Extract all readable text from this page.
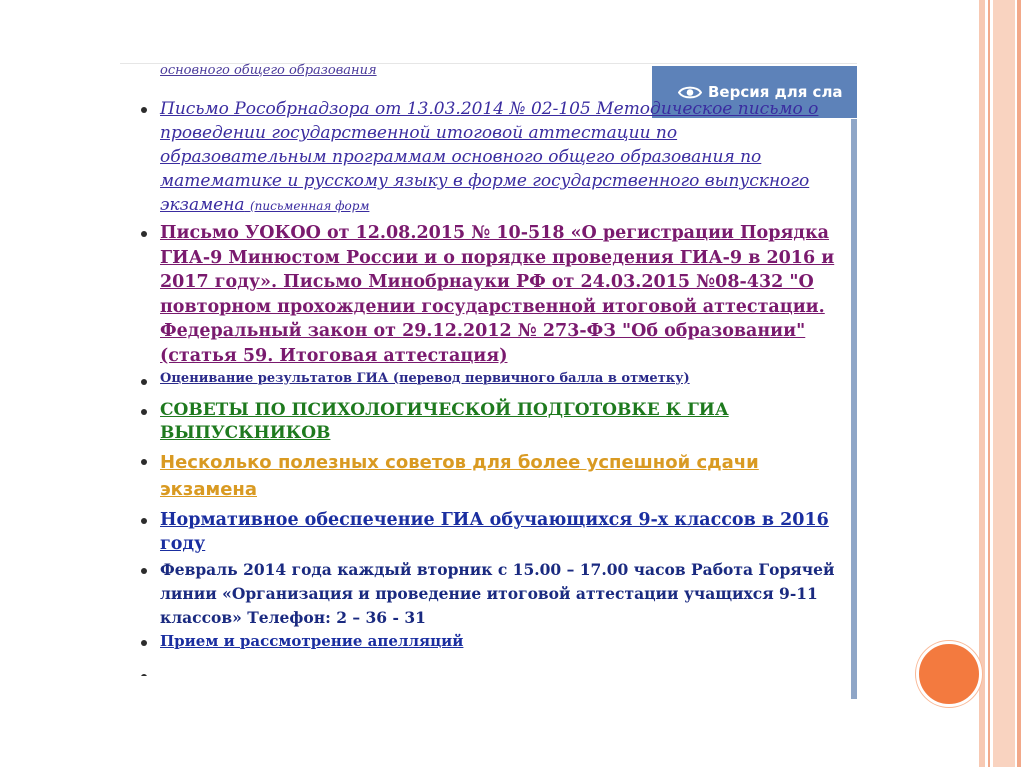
основного общего образования
Версия для сла
Письмо Рособрнадзора от 13.03.2014 № 02-105 Методическое письмо о проведении государственной итоговой аттестации по образовательным программам основного общего образования по математике и русскому языку в форме государственного выпускного экзамена (письменная форм
Письмо УОКОО от 12.08.2015 № 10-518 «О регистрации Порядка ГИА-9 Минюстом России и о порядке проведения ГИА-9 в 2016 и 2017 году». Письмо Минобрнауки РФ от 24.03.2015 №08-432 "О повторном прохождении государственной итоговой аттестации. Федеральный закон от 29.12.2012 № 273-ФЗ "Об образовании" (статья 59. Итоговая аттестация)
Оценивание результатов ГИА (перевод первичного балла в отметку)
СОВЕТЫ ПО ПСИХОЛОГИЧЕСКОЙ ПОДГОТОВКЕ К ГИА ВЫПУСКНИКОВ
Несколько полезных советов для более успешной сдачи экзамена
Нормативное обеспечение ГИА обучающихся 9-х классов в 2016 году
Февраль 2014 года каждый вторник с 15.00 – 17.00 часов Работа Горячей линии «Организация и проведение итоговой аттестации учащихся 9-11 классов» Телефон: 2 – 36 - 31
Прием и рассмотрение апелляций
